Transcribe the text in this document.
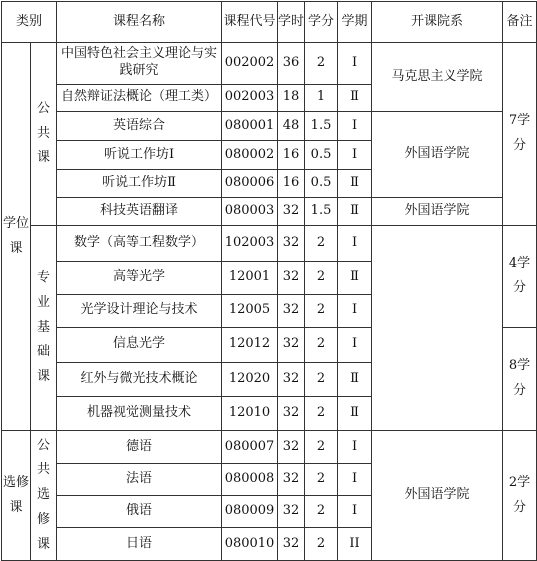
类别		课程名称	课程代号	学时	学分	学期	开课院系	备注
学位课	公共课	中国特色社会主义理论与实践研究	002002	36	2	Ⅰ	马克思主义学院	7学分
		自然辩证法概论（理工类）	002003	18	1	Ⅱ		
		英语综合	080001	48	1.5	Ⅰ	外国语学院	
		听说工作坊Ⅰ	080002	16	0.5	Ⅰ		
		听说工作坊Ⅱ	080006	16	0.5	Ⅱ		
		科技英语翻译	080003	32	1.5	Ⅱ	外国语学院	
	专业基础课	数学（高等工程数学）	102003	32	2	Ⅰ		4学分
		高等光学	12001	32	2	Ⅱ		
		光学设计理论与技术	12005	32	2	Ⅰ		
		信息光学	12012	32	2	Ⅰ		8学分
		红外与微光技术概论	12020	32	2	Ⅱ		
		机器视觉测量技术	12010	32	2	Ⅱ		
选修课	公共选修课	德语	080007	32	2	Ⅰ	外国语学院	2学分
		法语	080008	32	2	Ⅰ		
		俄语	080009	32	2	Ⅰ		
		日语	080010	32	2	II		
